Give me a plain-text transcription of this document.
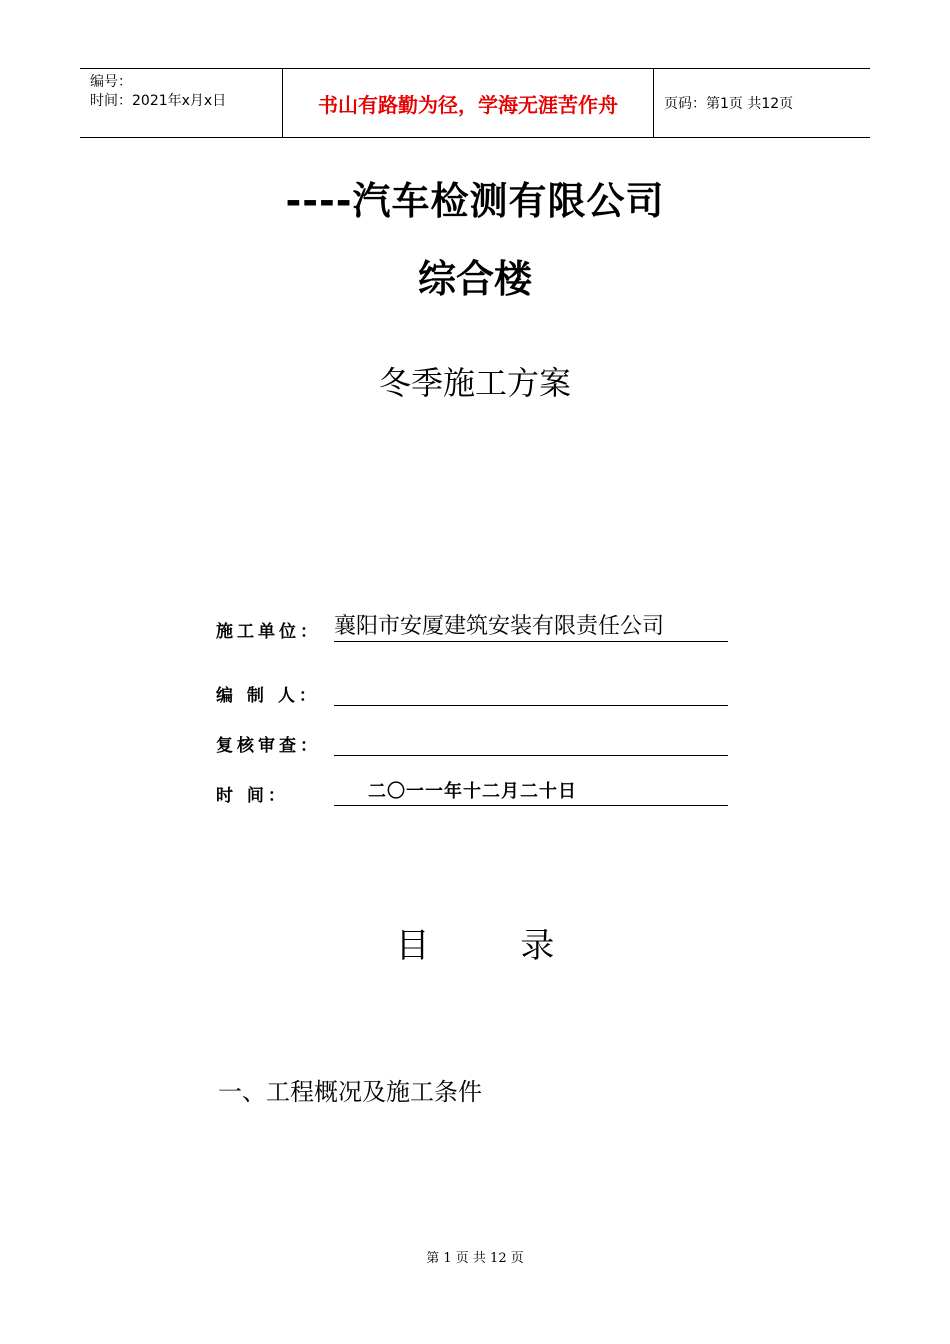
编号：
时间：2021年x月x日	书山有路勤为径，学海无涯苦作舟	页码：第1页 共12页
----汽车检测有限公司
综合楼
冬季施工方案
施工单位： 襄阳市安厦建筑安装有限责任公司
编 制 人：
复核审查：
时 间：	二〇一一年十二月二十日
目 录
一、工程概况及施工条件
第 1 页 共 12 页
